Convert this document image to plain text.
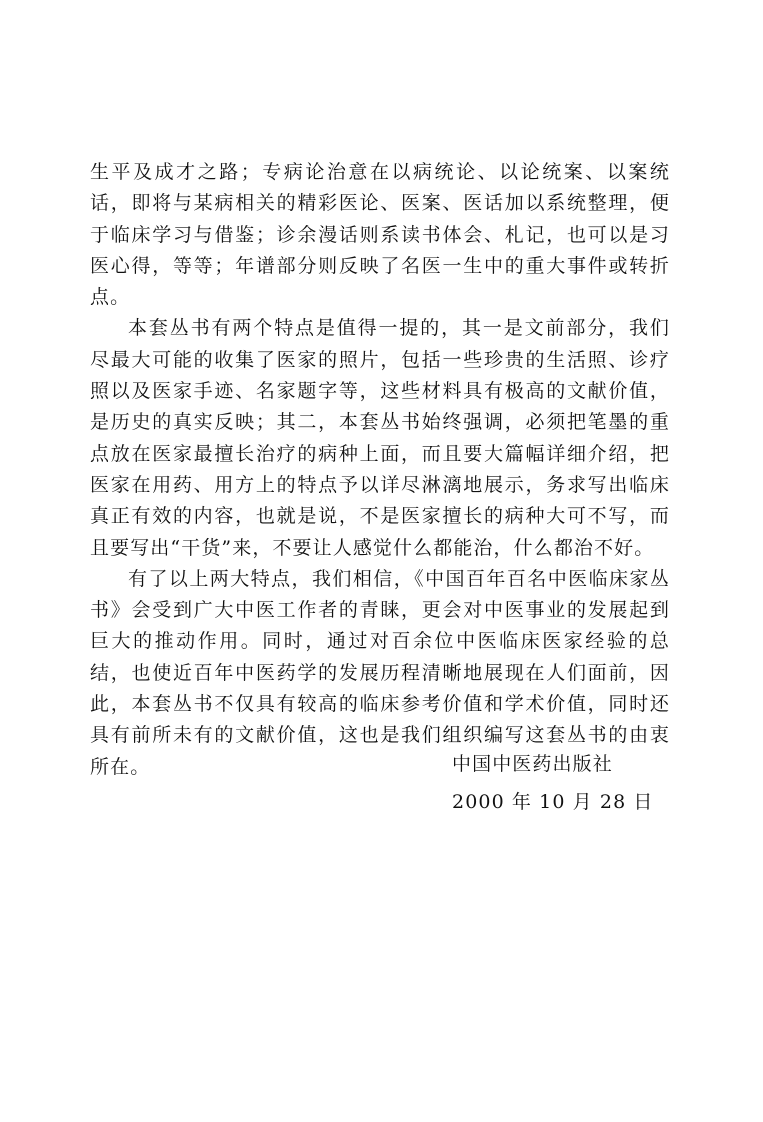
生平及成才之路；专病论治意在以病统论、以论统案、以案统话，即将与某病相关的精彩医论、医案、医话加以系统整理，便于临床学习与借鉴；诊余漫话则系读书体会、札记，也可以是习医心得，等等；年谱部分则反映了名医一生中的重大事件或转折点。

本套丛书有两个特点是值得一提的，其一是文前部分，我们尽最大可能的收集了医家的照片，包括一些珍贵的生活照、诊疗照以及医家手迹、名家题字等，这些材料具有极高的文献价值，是历史的真实反映；其二，本套丛书始终强调，必须把笔墨的重点放在医家最擅长治疗的病种上面，而且要大篇幅详细介绍，把医家在用药、用方上的特点予以详尽淋漓地展示，务求写出临床真正有效的内容，也就是说，不是医家擅长的病种大可不写，而且要写出“干货”来，不要让人感觉什么都能治，什么都治不好。

有了以上两大特点，我们相信，《中国百年百名中医临床家丛书》会受到广大中医工作者的青睐，更会对中医事业的发展起到巨大的推动作用。同时，通过对百余位中医临床医家经验的总结，也使近百年中医药学的发展历程清晰地展现在人们面前，因此，本套丛书不仅具有较高的临床参考价值和学术价值，同时还具有前所未有的文献价值，这也是我们组织编写这套丛书的由衷所在。	中国中医药出版社
2000 年 10 月 28 日
